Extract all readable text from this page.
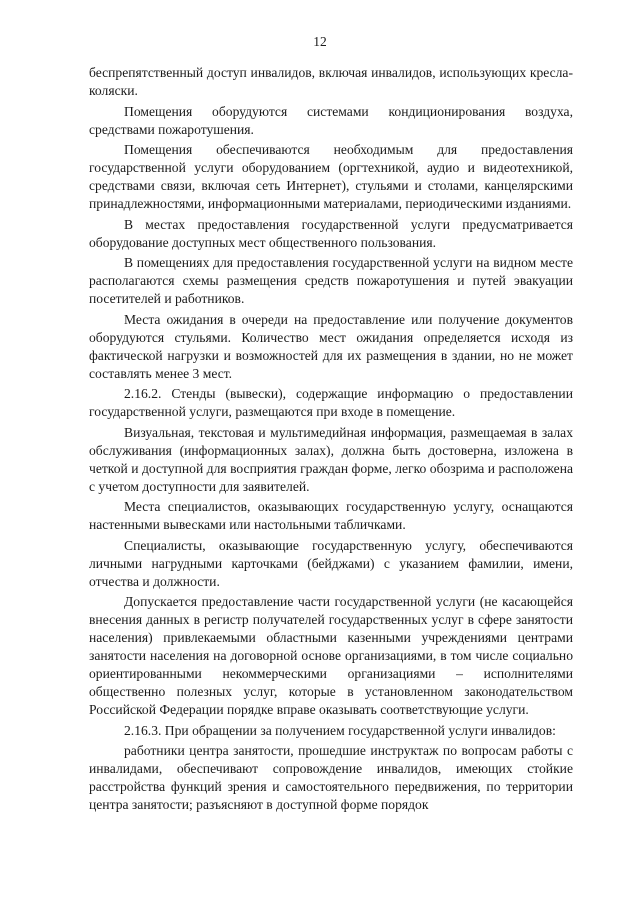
12

беспрепятственный доступ инвалидов, включая инвалидов, использующих кресла-коляски.

Помещения оборудуются системами кондиционирования воздуха, средствами пожаротушения.

Помещения обеспечиваются необходимым для предоставления государственной услуги оборудованием (оргтехникой, аудио и видеотехникой, средствами связи, включая сеть Интернет), стульями и столами, канцелярскими принадлежностями, информационными материалами, периодическими изданиями.

В местах предоставления государственной услуги предусматривается оборудование доступных мест общественного пользования.

В помещениях для предоставления государственной услуги на видном месте располагаются схемы размещения средств пожаротушения и путей эвакуации посетителей и работников.

Места ожидания в очереди на предоставление или получение документов оборудуются стульями. Количество мест ожидания определяется исходя из фактической нагрузки и возможностей для их размещения в здании, но не может составлять менее 3 мест.

2.16.2. Стенды (вывески), содержащие информацию о предоставлении государственной услуги, размещаются при входе в помещение.

Визуальная, текстовая и мультимедийная информация, размещаемая в залах обслуживания (информационных залах), должна быть достоверна, изложена в четкой и доступной для восприятия граждан форме, легко обозрима и расположена с учетом доступности для заявителей.

Места специалистов, оказывающих государственную услугу, оснащаются настенными вывесками или настольными табличками.

Специалисты, оказывающие государственную услугу, обеспечиваются личными нагрудными карточками (бейджами) с указанием фамилии, имени, отчества и должности.

Допускается предоставление части государственной услуги (не касающейся внесения данных в регистр получателей государственных услуг в сфере занятости населения) привлекаемыми областными казенными учреждениями центрами занятости населения на договорной основе организациями, в том числе социально ориентированными некоммерческими организациями – исполнителями общественно полезных услуг, которые в установленном законодательством Российской Федерации порядке вправе оказывать соответствующие услуги.

2.16.3. При обращении за получением государственной услуги инвалидов:

работники центра занятости, прошедшие инструктаж по вопросам работы с инвалидами, обеспечивают сопровождение инвалидов, имеющих стойкие расстройства функций зрения и самостоятельного передвижения, по территории центра занятости; разъясняют в доступной форме порядок
